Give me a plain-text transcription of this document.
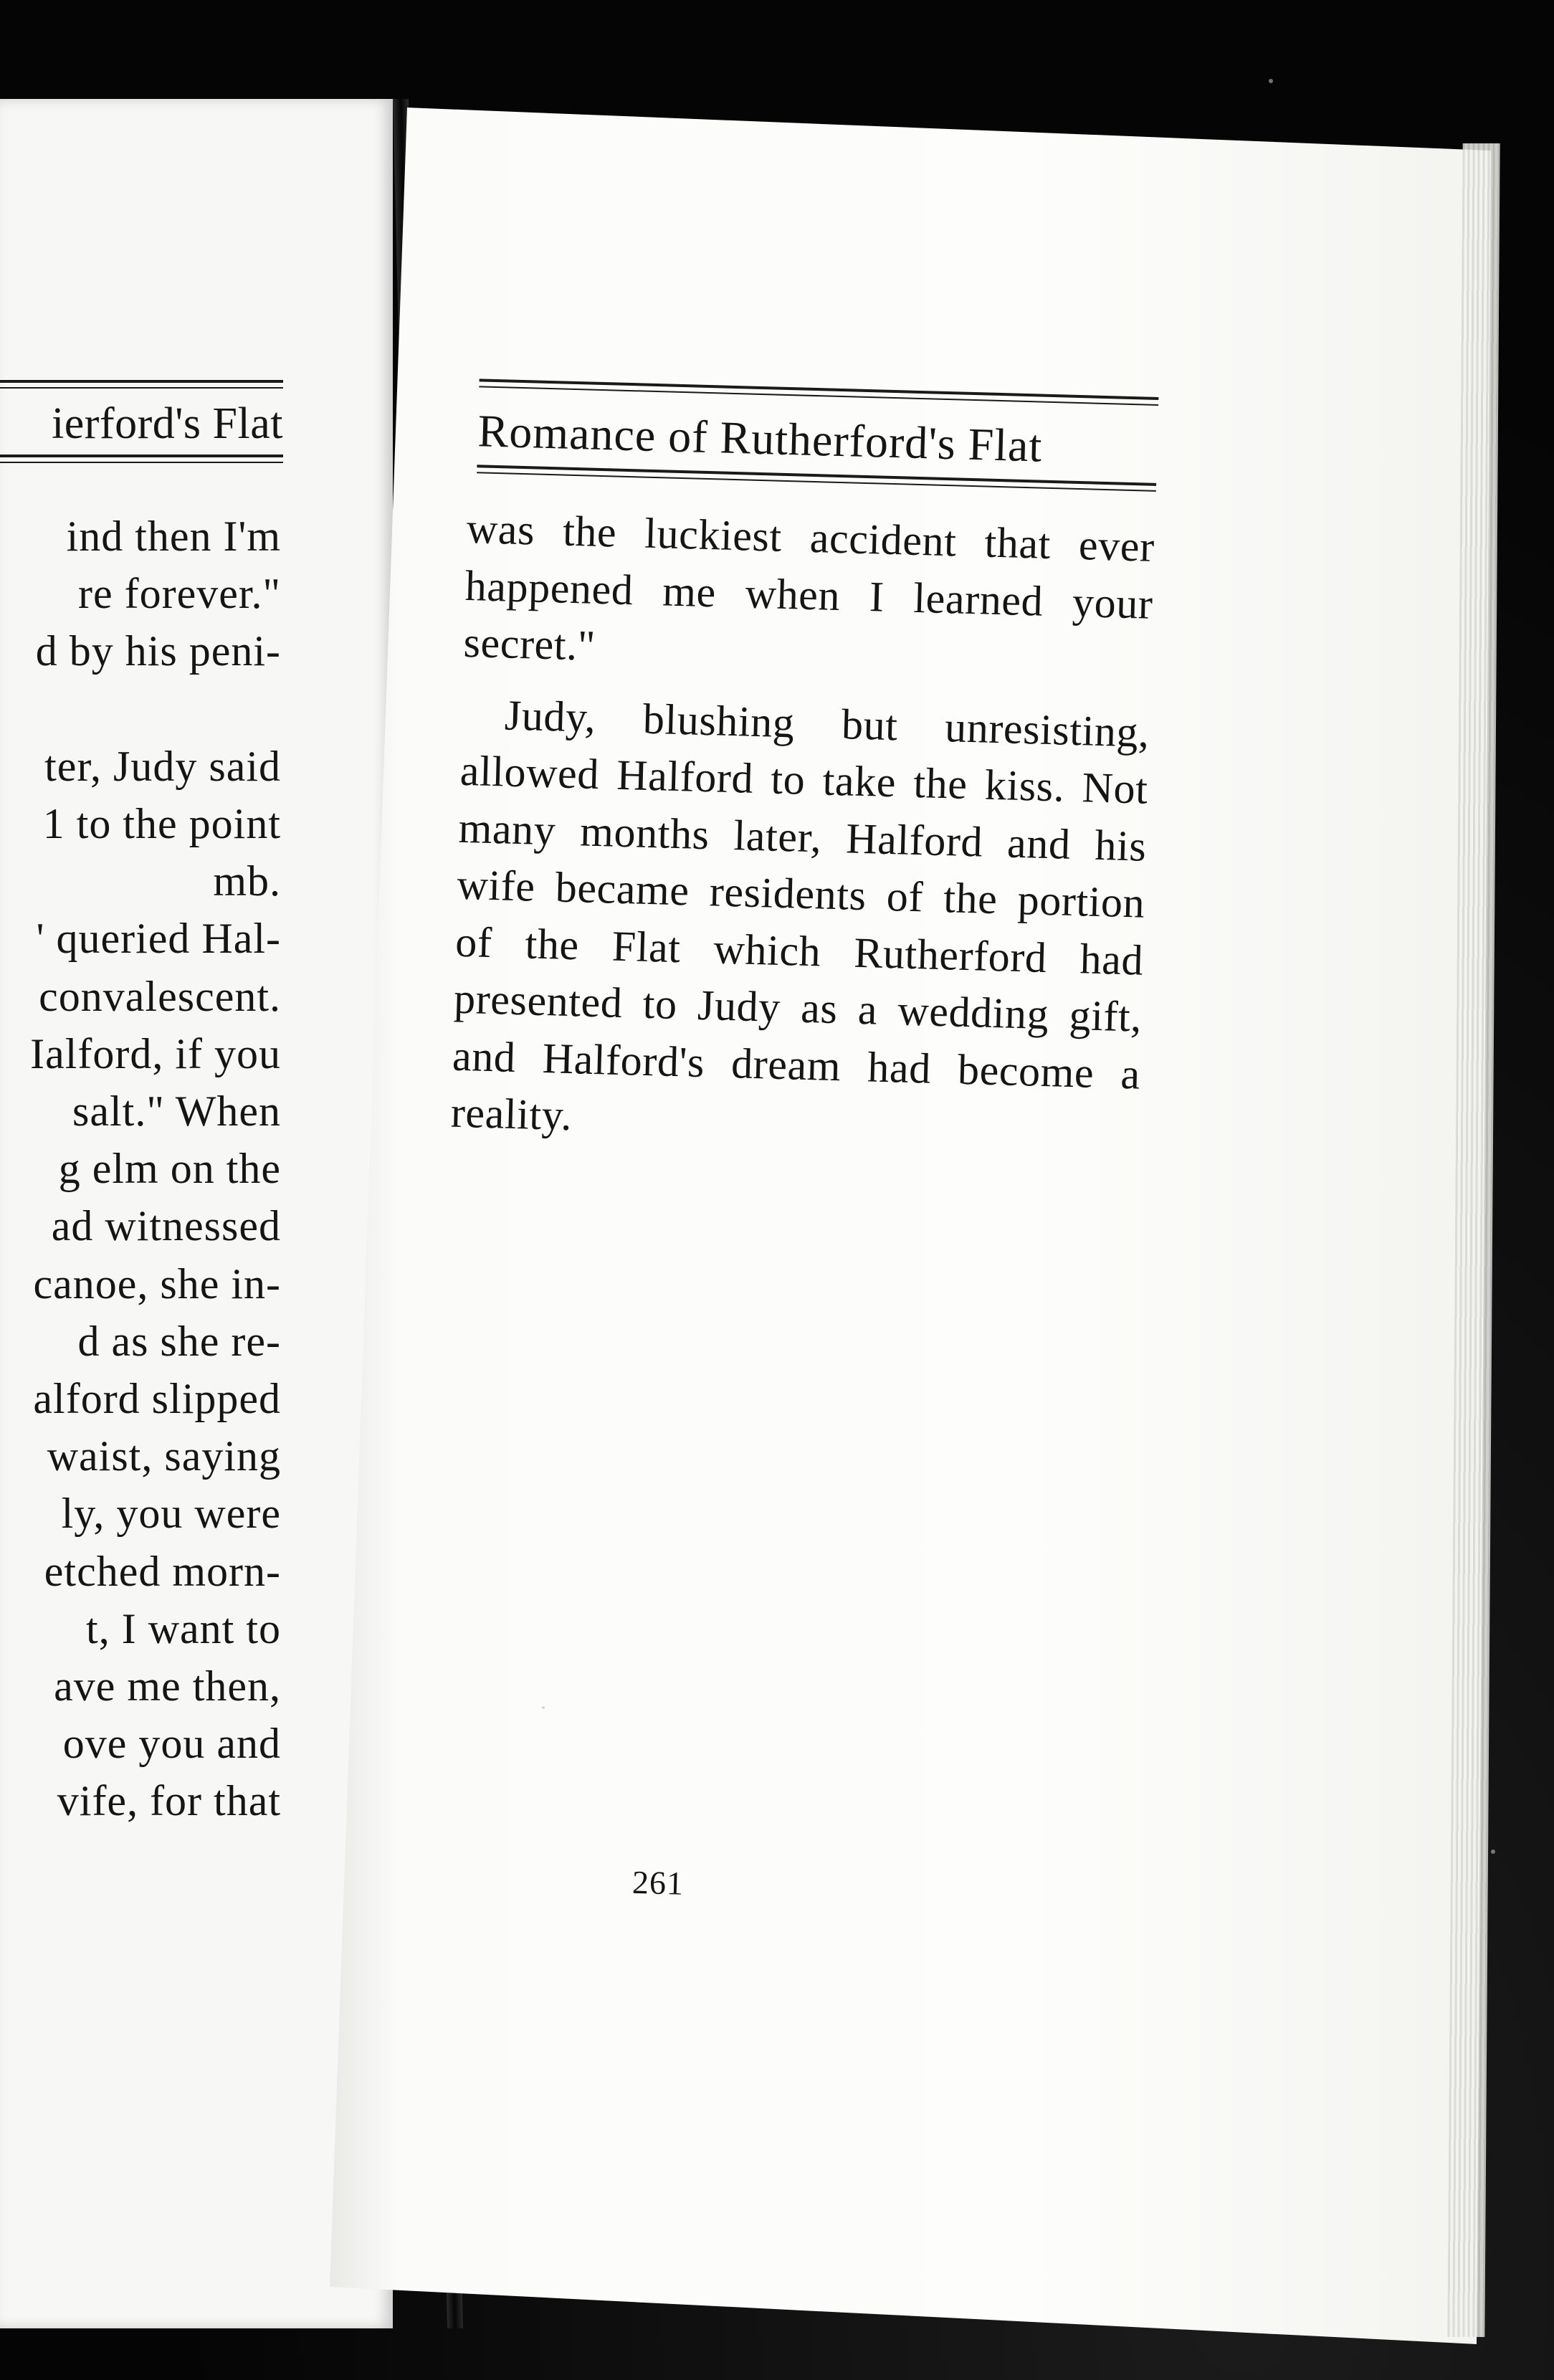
ierford's Flat
ind then I'm
re forever."
d by his peni-

ter, Judy said
1 to the point
mb.
' queried Hal-
convalescent.
Ialford, if you
salt." When
g elm on the
ad witnessed
canoe, she in-
d as she re-
alford slipped
waist, saying
ly, you were
etched morn-
t, I want to
ave me then,
ove you and
vife, for that
Romance of Rutherford's Flat

was the luckiest accident that ever happened me when I learned your secret."

Judy, blushing but unresisting, allowed Halford to take the kiss. Not many months later, Halford and his wife became residents of the portion of the Flat which Rutherford had presented to Judy as a wedding gift, and Halford's dream had become a reality.

261
